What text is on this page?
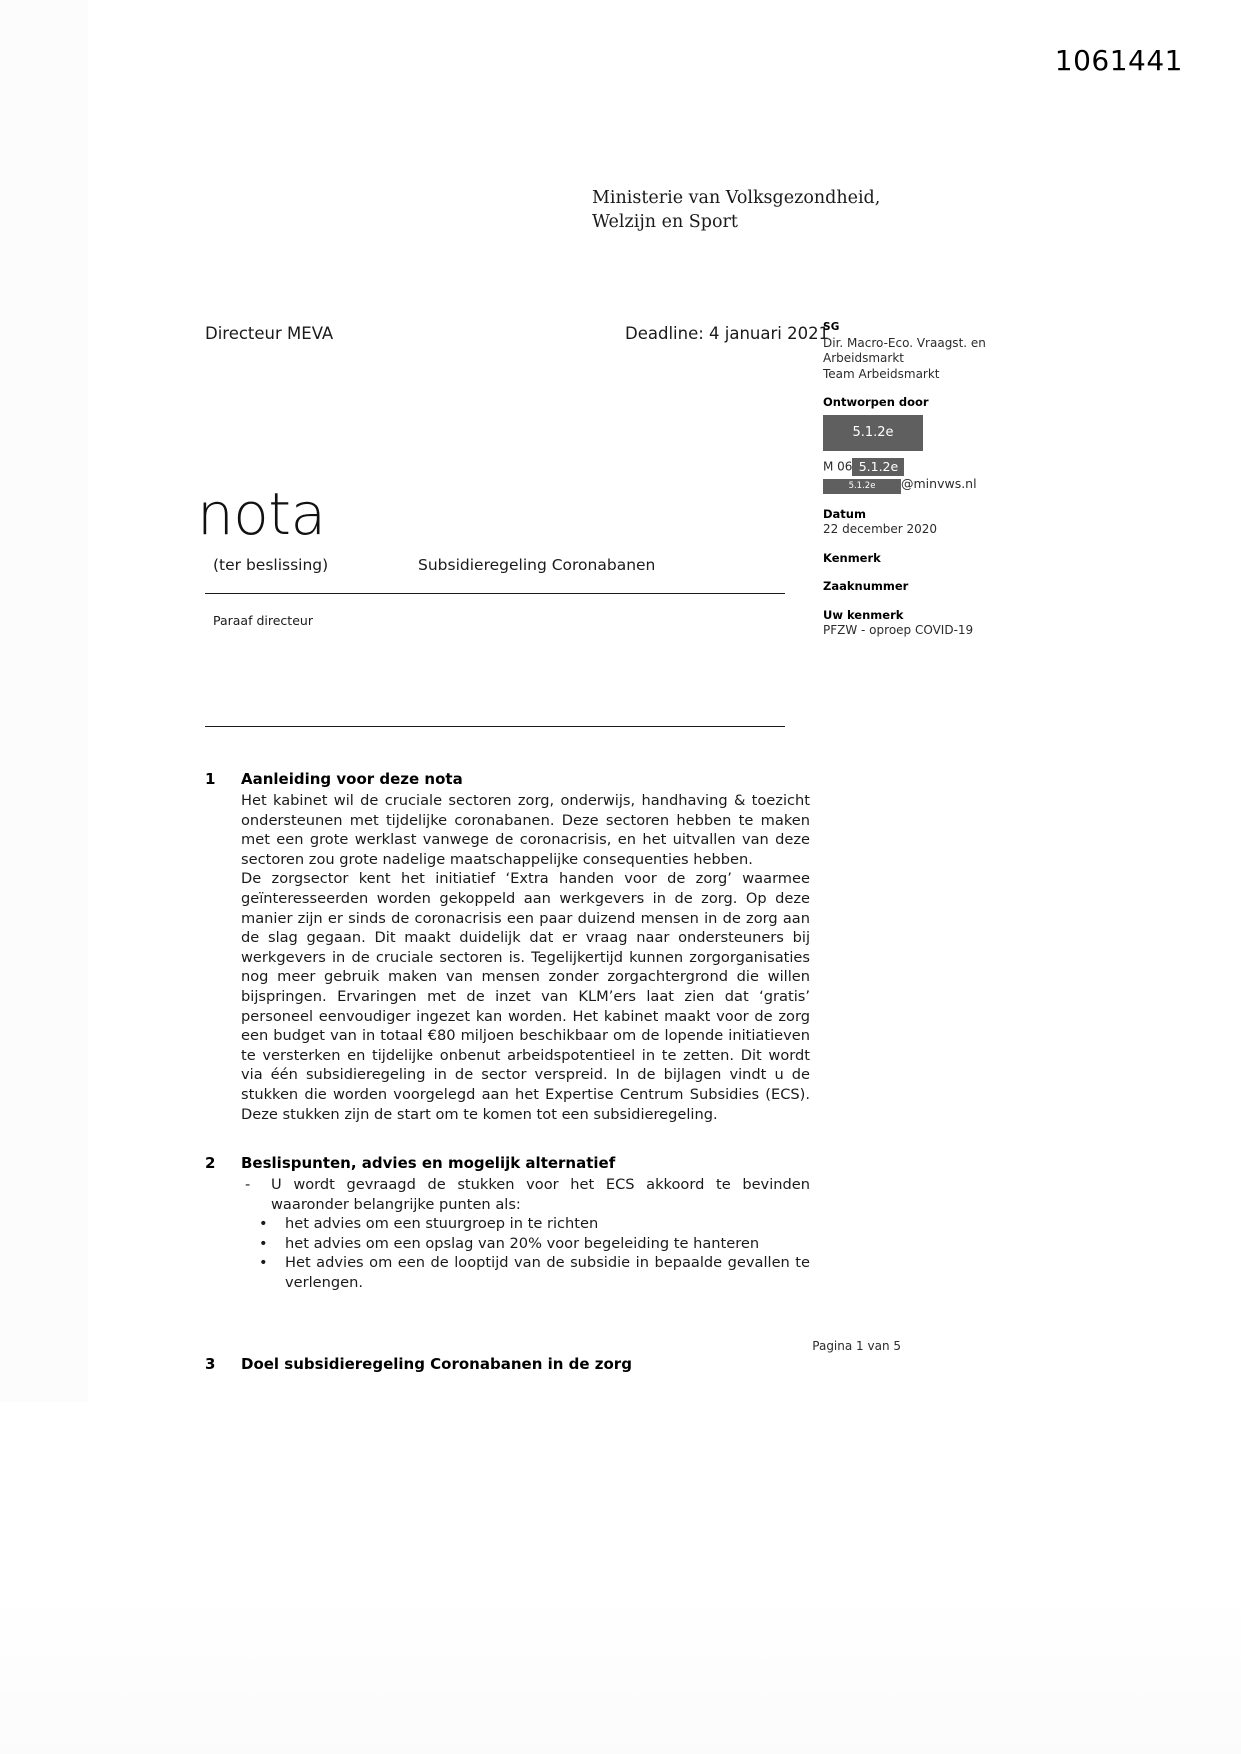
1061441
Ministerie van Volksgezondheid,
Welzijn en Sport
Directeur MEVA	Deadline: 4 januari 2021
SG
Dir. Macro-Eco. Vraagst. en
Arbeidsmarkt
Team Arbeidsmarkt
Ontworpen door
5.1.2e
M 06 5.1.2e
5.1.2e @minvws.nl
Datum
22 december 2020
Kenmerk
Zaaknummer
Uw kenmerk
PFZW - oproep COVID-19
nota
(ter beslissing)	Subsidieregeling Coronabanen
Paraaf directeur
1	Aanleiding voor deze nota

Het kabinet wil de cruciale sectoren zorg, onderwijs, handhaving & toezicht ondersteunen met tijdelijke coronabanen. Deze sectoren hebben te maken met een grote werklast vanwege de coronacrisis, en het uitvallen van deze sectoren zou grote nadelige maatschappelijke consequenties hebben.

De zorgsector kent het initiatief ‘Extra handen voor de zorg’ waarmee geïnteresseerden worden gekoppeld aan werkgevers in de zorg. Op deze manier zijn er sinds de coronacrisis een paar duizend mensen in de zorg aan de slag gegaan. Dit maakt duidelijk dat er vraag naar ondersteuners bij werkgevers in de cruciale sectoren is. Tegelijkertijd kunnen zorgorganisaties nog meer gebruik maken van mensen zonder zorgachtergrond die willen bijspringen. Ervaringen met de inzet van KLM’ers laat zien dat ‘gratis’ personeel eenvoudiger ingezet kan worden. Het kabinet maakt voor de zorg een budget van in totaal €80 miljoen beschikbaar om de lopende initiatieven te versterken en tijdelijke onbenut arbeidspotentieel in te zetten. Dit wordt via één subsidieregeling in de sector verspreid. In de bijlagen vindt u de stukken die worden voorgelegd aan het Expertise Centrum Subsidies (ECS). Deze stukken zijn de start om te komen tot een subsidieregeling.

2	Beslispunten, advies en mogelijk alternatief
-	U wordt gevraagd de stukken voor het ECS akkoord te bevinden waaronder belangrijke punten als:
•	het advies om een stuurgroep in te richten
•	het advies om een opslag van 20% voor begeleiding te hanteren
•	Het advies om een de looptijd van de subsidie in bepaalde gevallen te verlengen.
3	Doel subsidieregeling Coronabanen in de zorg
Pagina 1 van 5
